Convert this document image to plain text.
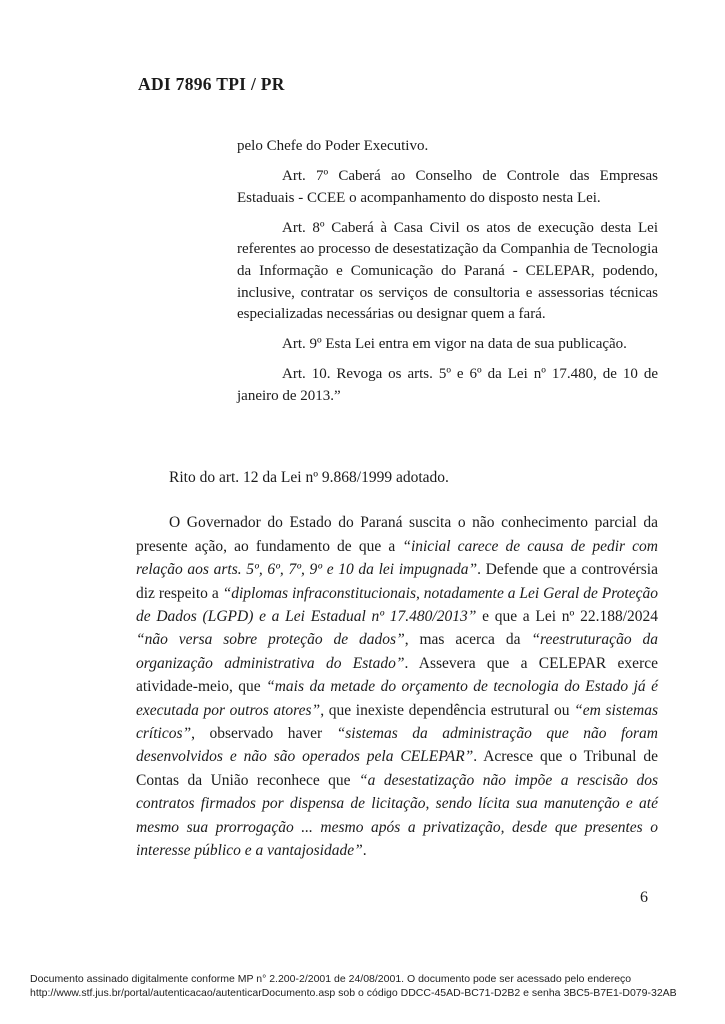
ADI 7896 TPI / PR

pelo Chefe do Poder Executivo.

Art. 7º Caberá ao Conselho de Controle das Empresas Estaduais - CCEE o acompanhamento do disposto nesta Lei.

Art. 8º Caberá à Casa Civil os atos de execução desta Lei referentes ao processo de desestatização da Companhia de Tecnologia da Informação e Comunicação do Paraná - CELEPAR, podendo, inclusive, contratar os serviços de consultoria e assessorias técnicas especializadas necessárias ou designar quem a fará.

Art. 9º Esta Lei entra em vigor na data de sua publicação.

Art. 10. Revoga os arts. 5º e 6º da Lei nº 17.480, de 10 de janeiro de 2013.”

Rito do art. 12 da Lei nº 9.868/1999 adotado.

O Governador do Estado do Paraná suscita o não conhecimento parcial da presente ação, ao fundamento de que a “inicial carece de causa de pedir com relação aos arts. 5º, 6º, 7º, 9º e 10 da lei impugnada”. Defende que a controvérsia diz respeito a “diplomas infraconstitucionais, notadamente a Lei Geral de Proteção de Dados (LGPD) e a Lei Estadual nº 17.480/2013” e que a Lei nº 22.188/2024 “não versa sobre proteção de dados”, mas acerca da “reestruturação da organização administrativa do Estado”. Assevera que a CELEPAR exerce atividade-meio, que “mais da metade do orçamento de tecnologia do Estado já é executada por outros atores”, que inexiste dependência estrutural ou “em sistemas críticos”, observado haver “sistemas da administração que não foram desenvolvidos e não são operados pela CELEPAR”. Acresce que o Tribunal de Contas da União reconhece que “a desestatização não impõe a rescisão dos contratos firmados por dispensa de licitação, sendo lícita sua manutenção e até mesmo sua prorrogação ... mesmo após a privatização, desde que presentes o interesse público e a vantajosidade”.

6
Documento assinado digitalmente conforme MP n° 2.200-2/2001 de 24/08/2001. O documento pode ser acessado pelo endereço
http://www.stf.jus.br/portal/autenticacao/autenticarDocumento.asp sob o código DDCC-45AD-BC71-D2B2 e senha 3BC5-B7E1-D079-32AB
